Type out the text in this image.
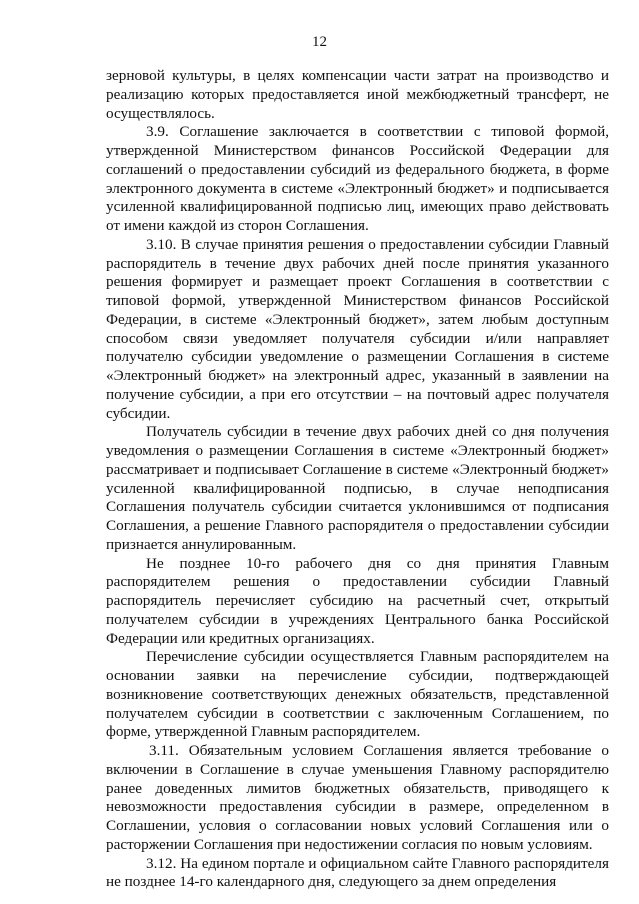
12

зерновой культуры, в целях компенсации части затрат на производство и реализацию которых предоставляется иной межбюджетный трансферт, не осуществлялось.

3.9. Соглашение заключается в соответствии с типовой формой, утвержденной Министерством финансов Российской Федерации для соглашений о предоставлении субсидий из федерального бюджета, в форме электронного документа в системе «Электронный бюджет» и подписывается усиленной квалифицированной подписью лиц, имеющих право действовать от имени каждой из сторон Соглашения.

3.10. В случае принятия решения о предоставлении субсидии Главный распорядитель в течение двух рабочих дней после принятия указанного решения формирует и размещает проект Соглашения в соответствии с типовой формой, утвержденной Министерством финансов Российской Федерации, в системе «Электронный бюджет», затем любым доступным способом связи уведомляет получателя субсидии и/или направляет получателю субсидии уведомление о размещении Соглашения в системе «Электронный бюджет» на электронный адрес, указанный в заявлении на получение субсидии, а при его отсутствии – на почтовый адрес получателя субсидии.

Получатель субсидии в течение двух рабочих дней со дня получения уведомления о размещении Соглашения в системе «Электронный бюджет» рассматривает и подписывает Соглашение в системе «Электронный бюджет» усиленной квалифицированной подписью, в случае неподписания Соглашения получатель субсидии считается уклонившимся от подписания Соглашения, а решение Главного распорядителя о предоставлении субсидии признается аннулированным.

Не позднее 10-го рабочего дня со дня принятия Главным распорядителем решения о предоставлении субсидии Главный распорядитель перечисляет субсидию на расчетный счет, открытый получателем субсидии в учреждениях Центрального банка Российской Федерации или кредитных организациях.

Перечисление субсидии осуществляется Главным распорядителем на основании заявки на перечисление субсидии, подтверждающей возникновение соответствующих денежных обязательств, представленной получателем субсидии в соответствии с заключенным Соглашением, по форме, утвержденной Главным распорядителем.

3.11. Обязательным условием Соглашения является требование о включении в Соглашение в случае уменьшения Главному распорядителю ранее доведенных лимитов бюджетных обязательств, приводящего к невозможности предоставления субсидии в размере, определенном в Соглашении, условия о согласовании новых условий Соглашения или о расторжении Соглашения при недостижении согласия по новым условиям.

3.12. На едином портале и официальном сайте Главного распорядителя не позднее 14-го календарного дня, следующего за днем определения
